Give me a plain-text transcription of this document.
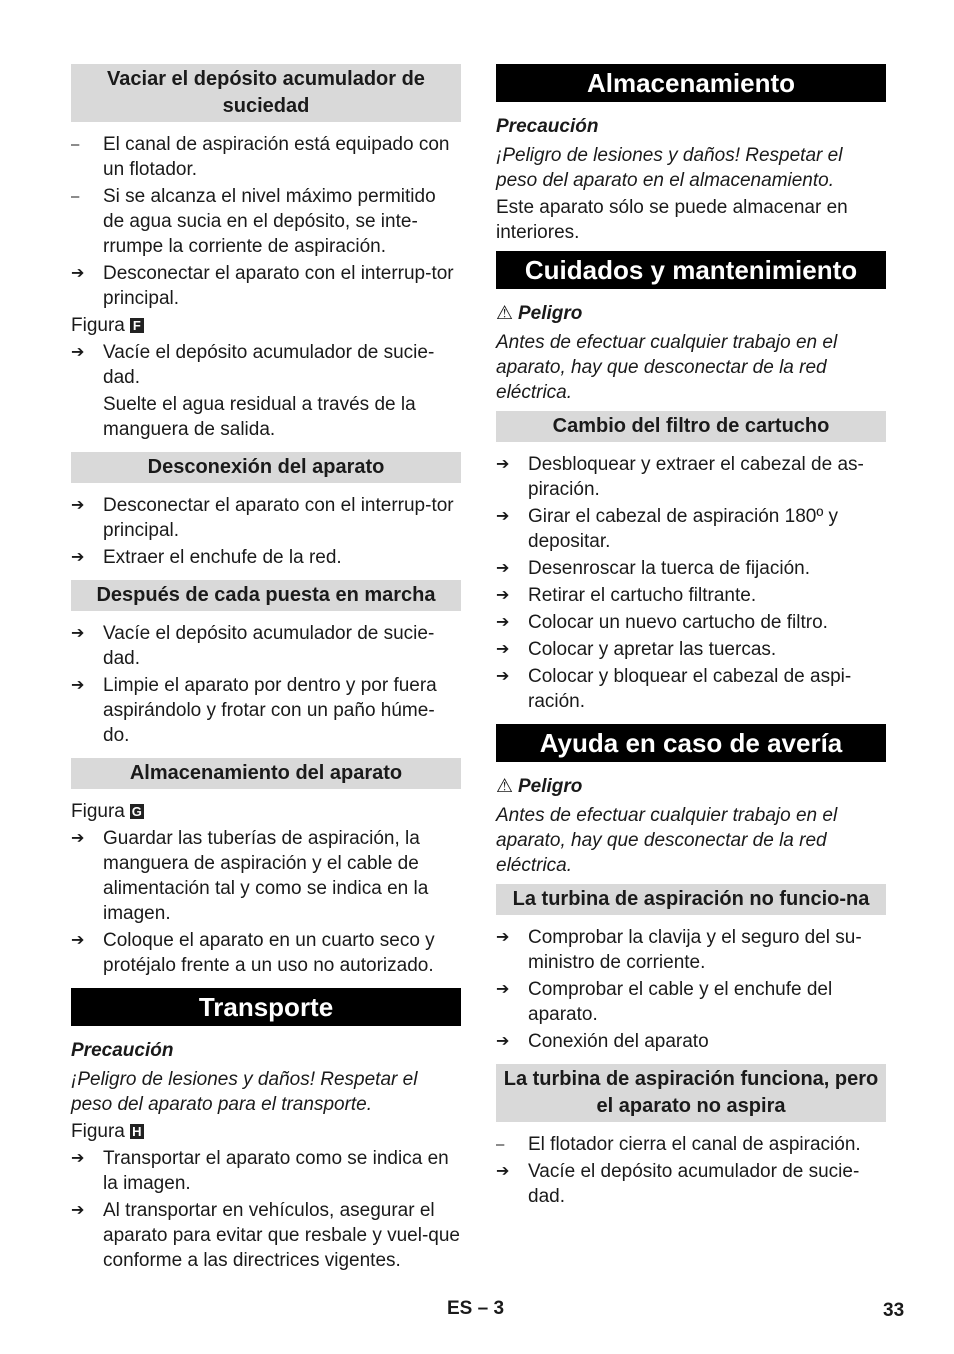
Vaciar el depósito acumulador de suciedad
–	El canal de aspiración está equipado con un flotador.
–	Si se alcanza el nivel máximo permitido de agua sucia en el depósito, se inte-rrumpe la corriente de aspiración.
➔ Desconectar el aparato con el interrup-tor principal.
Figura F
➔ Vacíe el depósito acumulador de sucie-dad.
Suelte el agua residual a través de la manguera de salida.
Desconexión del aparato
➔ Desconectar el aparato con el interrup-tor principal.
➔ Extraer el enchufe de la red.
Después de cada puesta en marcha
➔ Vacíe el depósito acumulador de sucie-dad.
➔ Limpie el aparato por dentro y por fuera aspirándolo y frotar con un paño húme-do.
Almacenamiento del aparato
Figura G
➔ Guardar las tuberías de aspiración, la manguera de aspiración y el cable de alimentación tal y como se indica en la imagen.
➔ Coloque el aparato en un cuarto seco y protéjalo frente a un uso no autorizado.
Transporte
Precaución
¡Peligro de lesiones y daños! Respetar el peso del aparato para el transporte.
Figura H
➔ Transportar el aparato como se indica en la imagen.
➔ Al transportar en vehículos, asegurar el aparato para evitar que resbale y vuel-que conforme a las directrices vigentes.
Almacenamiento
Precaución
¡Peligro de lesiones y daños! Respetar el peso del aparato en el almacenamiento.
Este aparato sólo se puede almacenar en interiores.
Cuidados y mantenimiento
⚠ Peligro
Antes de efectuar cualquier trabajo en el aparato, hay que desconectar de la red eléctrica.
Cambio del filtro de cartucho
➔ Desbloquear y extraer el cabezal de as-piración.
➔ Girar el cabezal de aspiración 180º y depositar.
➔ Desenroscar la tuerca de fijación.
➔ Retirar el cartucho filtrante.
➔ Colocar un nuevo cartucho de filtro.
➔ Colocar y apretar las tuercas.
➔ Colocar y bloquear el cabezal de aspi-ración.
Ayuda en caso de avería
⚠ Peligro
Antes de efectuar cualquier trabajo en el aparato, hay que desconectar de la red eléctrica.
La turbina de aspiración no funcio-na
➔ Comprobar la clavija y el seguro del su-ministro de corriente.
➔ Comprobar el cable y el enchufe del aparato.
➔ Conexión del aparato
La turbina de aspiración funciona, pero el aparato no aspira
–	El flotador cierra el canal de aspiración.
➔ Vacíe el depósito acumulador de sucie-dad.
ES – 3	33
